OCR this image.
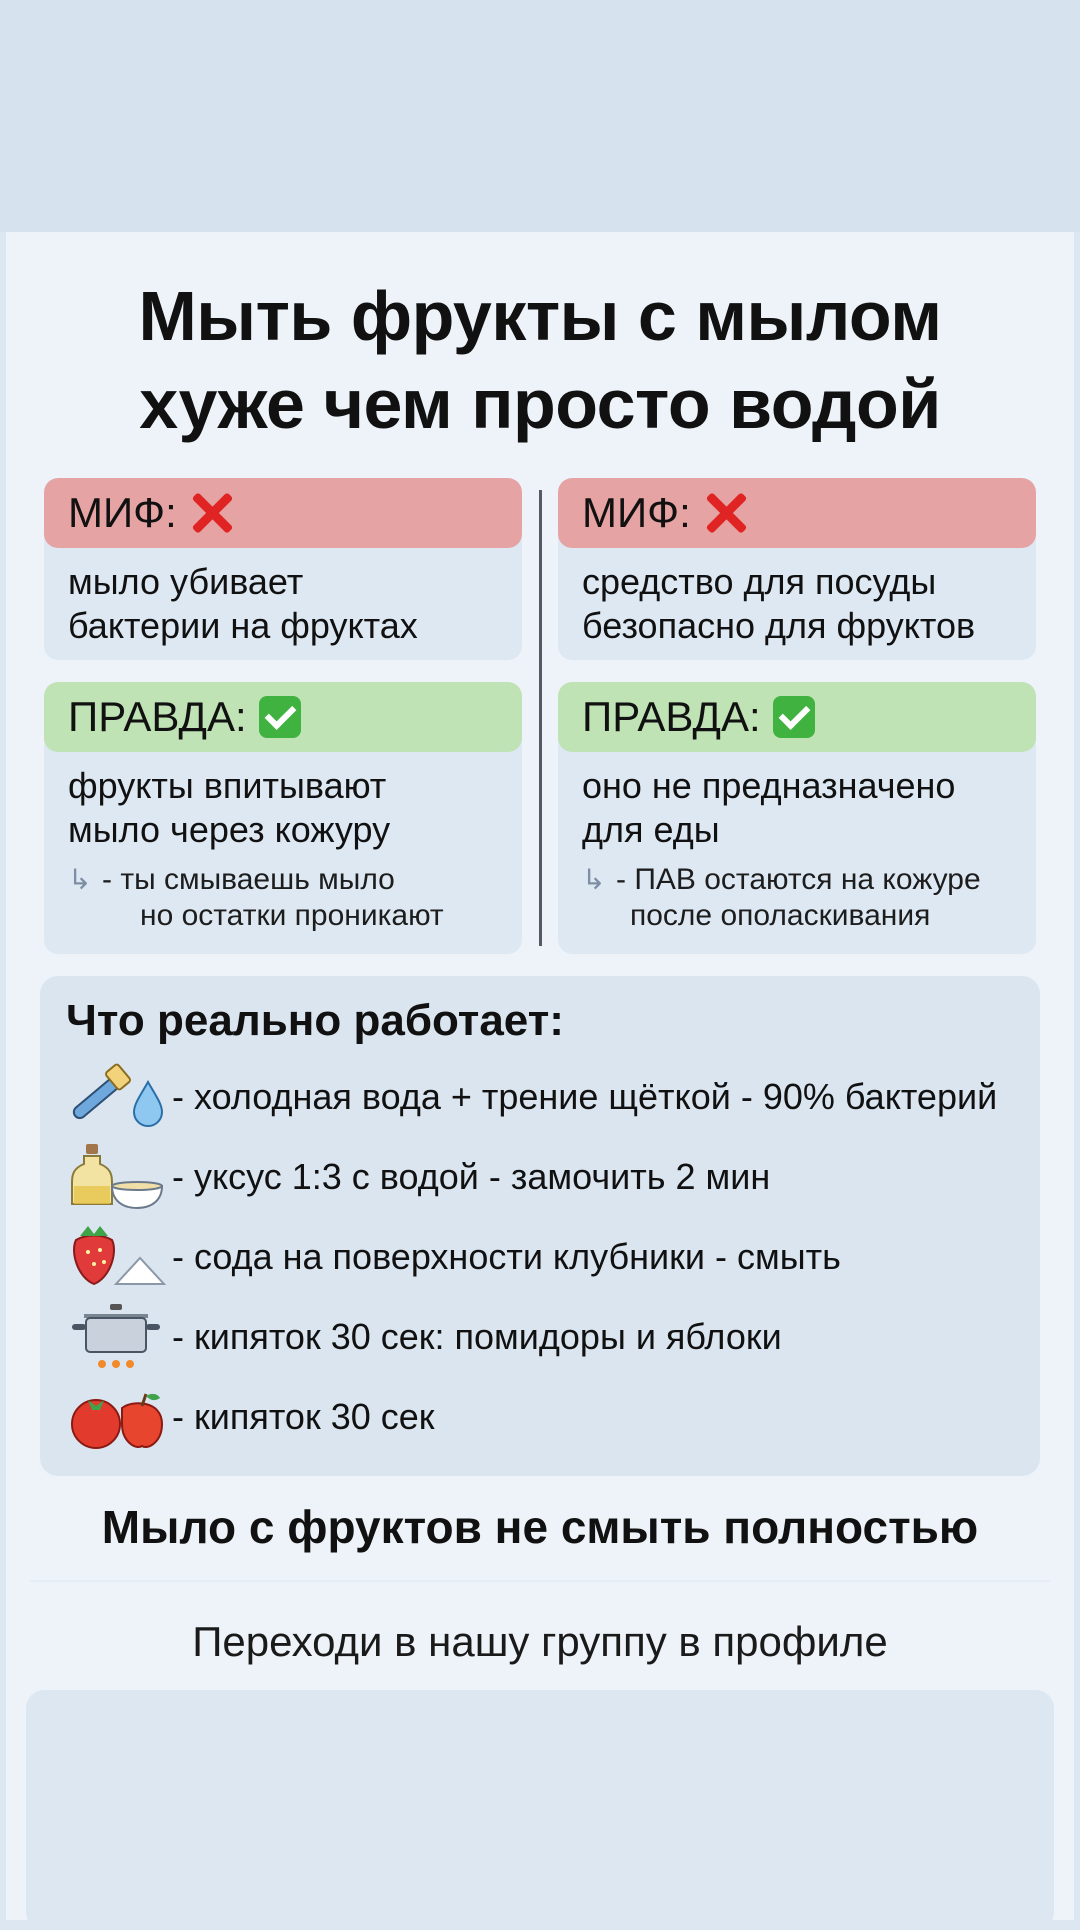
Мыть фрукты с мылом
хуже чем просто водой
МИФ:
мыло убивает
бактерии на фруктах
МИФ:
средство для посуды
безопасно для фруктов
ПРАВДА:
фрукты впитывают
мыло через кожуру
↳ - ты смываешь мыло
но остатки проникают
ПРАВДА:
оно не предназначено
для еды
↳ - ПАВ остаются на кожуре
после ополаскивания
Что реально работает:
- холодная вода + трение щёткой - 90% бактерий
- уксус 1:3 с водой - замочить 2 мин
- сода на поверхности клубники - смыть
- кипяток 30 сек: помидоры и яблоки
- кипяток 30 сек
Мыло с фруктов не смыть полностью
Переходи в нашу группу в профиле
